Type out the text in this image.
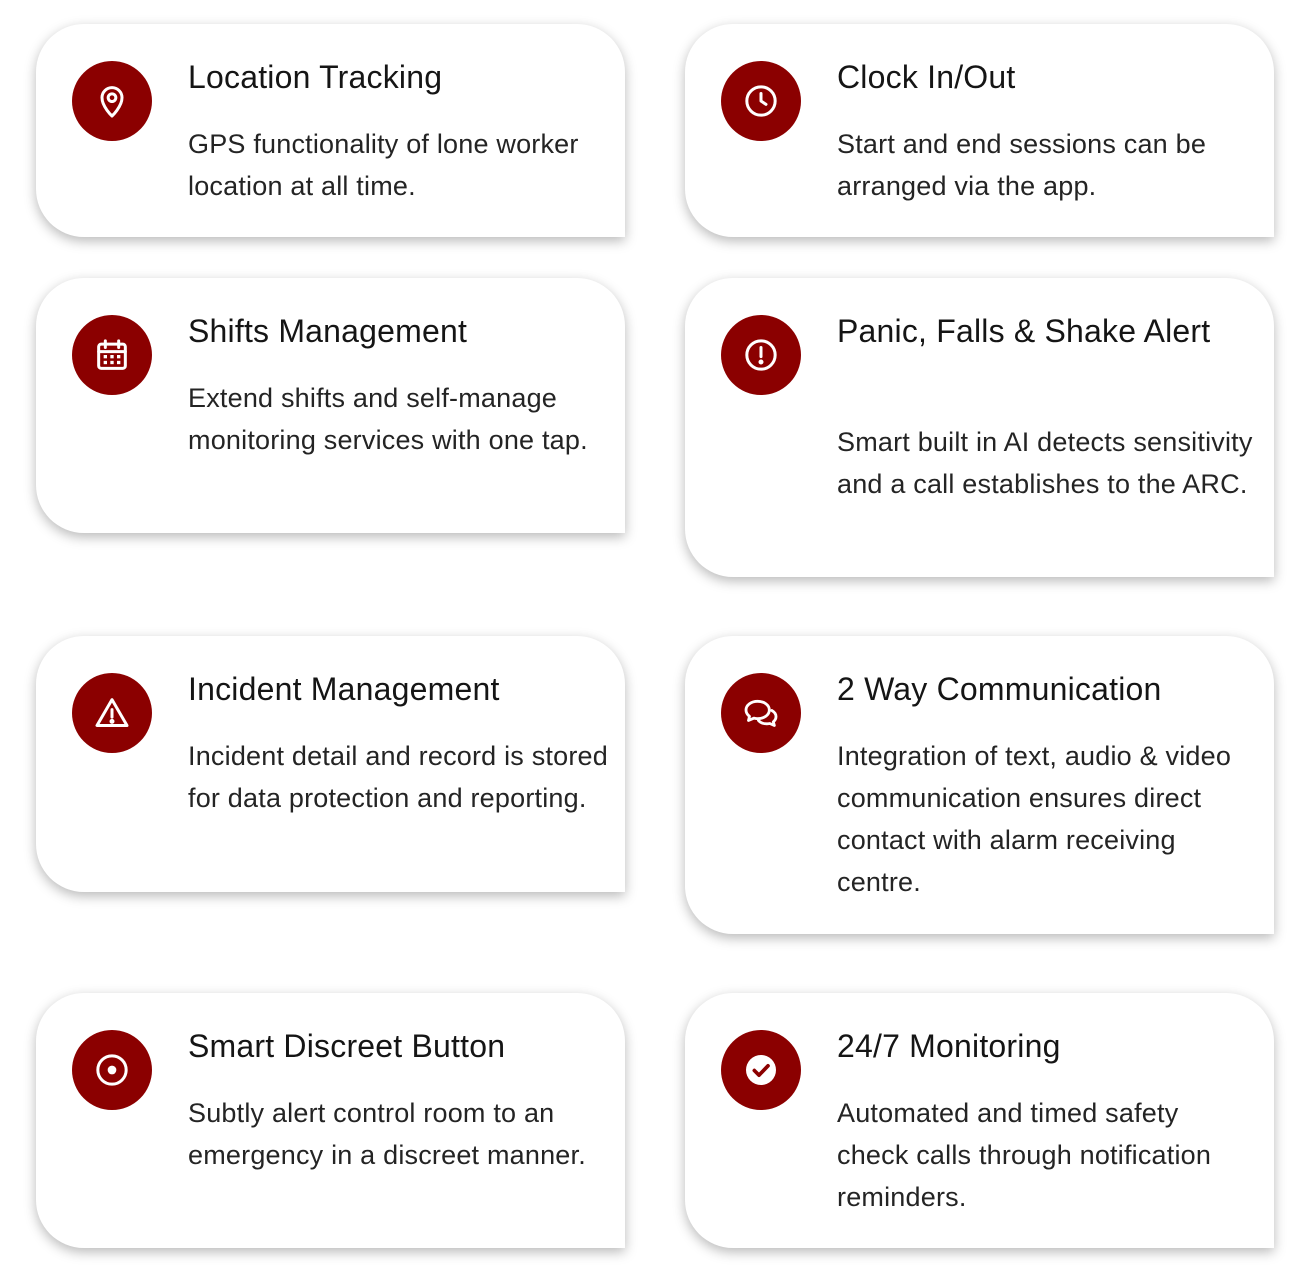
Location Tracking

GPS functionality of lone worker location at all time.

Clock In/Out

Start and end sessions can be arranged via the app.

Shifts Management

Extend shifts and self-manage monitoring services with one tap.

Panic, Falls & Shake Alert

Smart built in AI detects sensitivity and a call establishes to the ARC.

Incident Management

Incident detail and record is stored for data protection and reporting.

2 Way Communication

Integration of text, audio & video communication ensures direct contact with alarm receiving centre.

Smart Discreet Button

Subtly alert control room to an emergency in a discreet manner.

24/7 Monitoring

Automated and timed safety check calls through notification reminders.
